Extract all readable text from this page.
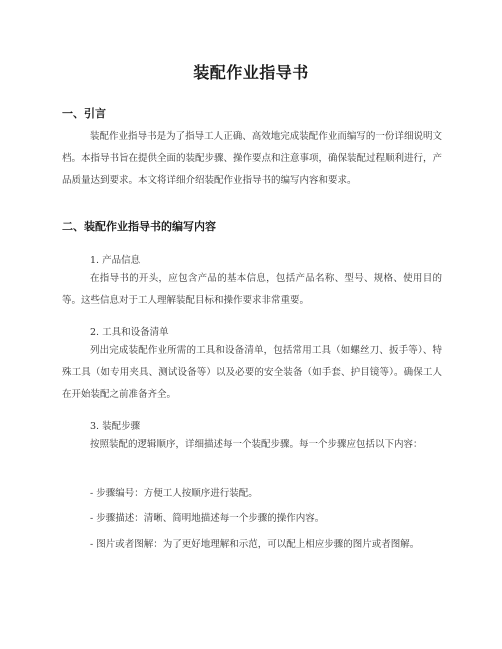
装配作业指导书
一、引言
装配作业指导书是为了指导工人正确、高效地完成装配作业而编写的一份详细说明文档。本指导书旨在提供全面的装配步骤、操作要点和注意事项，确保装配过程顺利进行，产品质量达到要求。本文将详细介绍装配作业指导书的编写内容和要求。
二、装配作业指导书的编写内容
1. 产品信息
在指导书的开头，应包含产品的基本信息，包括产品名称、型号、规格、使用目的等。这些信息对于工人理解装配目标和操作要求非常重要。
2. 工具和设备清单
列出完成装配作业所需的工具和设备清单，包括常用工具（如螺丝刀、扳手等）、特殊工具（如专用夹具、测试设备等）以及必要的安全装备（如手套、护目镜等）。确保工人在开始装配之前准备齐全。
3. 装配步骤
按照装配的逻辑顺序，详细描述每一个装配步骤。每一个步骤应包括以下内容：
- 步骤编号：方便工人按顺序进行装配。
- 步骤描述：清晰、简明地描述每一个步骤的操作内容。
- 图片或者图解：为了更好地理解和示范，可以配上相应步骤的图片或者图解。
